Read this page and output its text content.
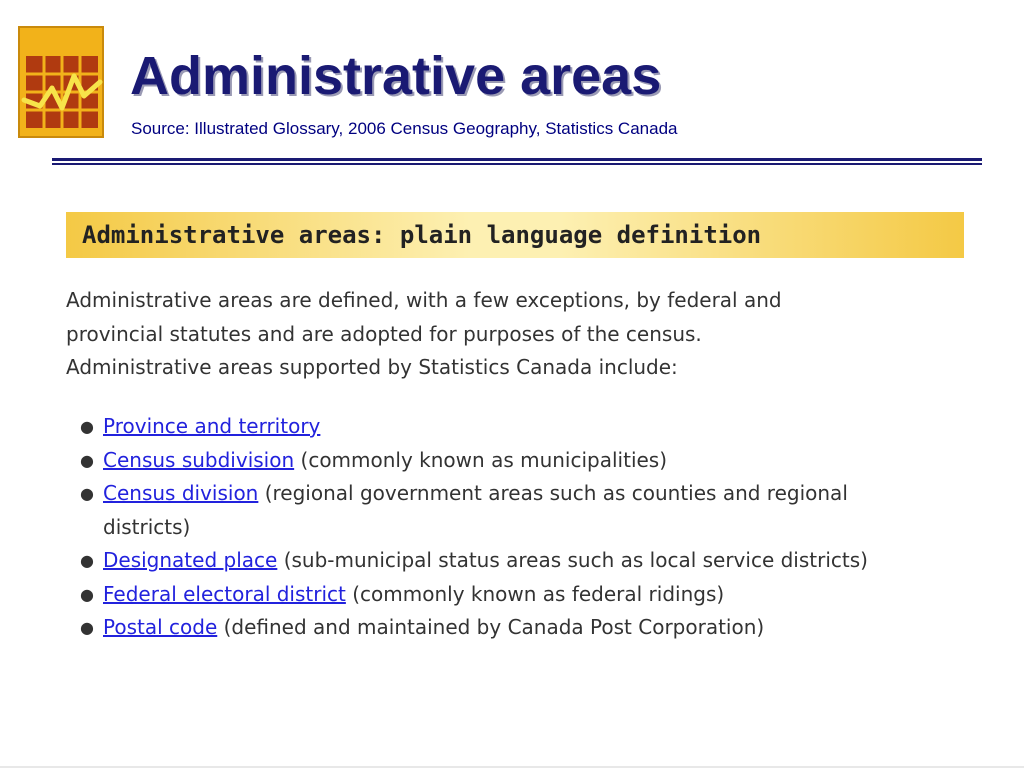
Administrative areas
Source: Illustrated Glossary, 2006 Census Geography, Statistics Canada
Administrative areas: plain language definition

Administrative areas are defined, with a few exceptions, by federal and
provincial statutes and are adopted for purposes of the census.
Administrative areas supported by Statistics Canada include:

● Province and territory
● Census subdivision (commonly known as municipalities)
● Census division (regional government areas such as counties and regional districts)
● Designated place (sub-municipal status areas such as local service districts)
● Federal electoral district (commonly known as federal ridings)
● Postal code (defined and maintained by Canada Post Corporation)
